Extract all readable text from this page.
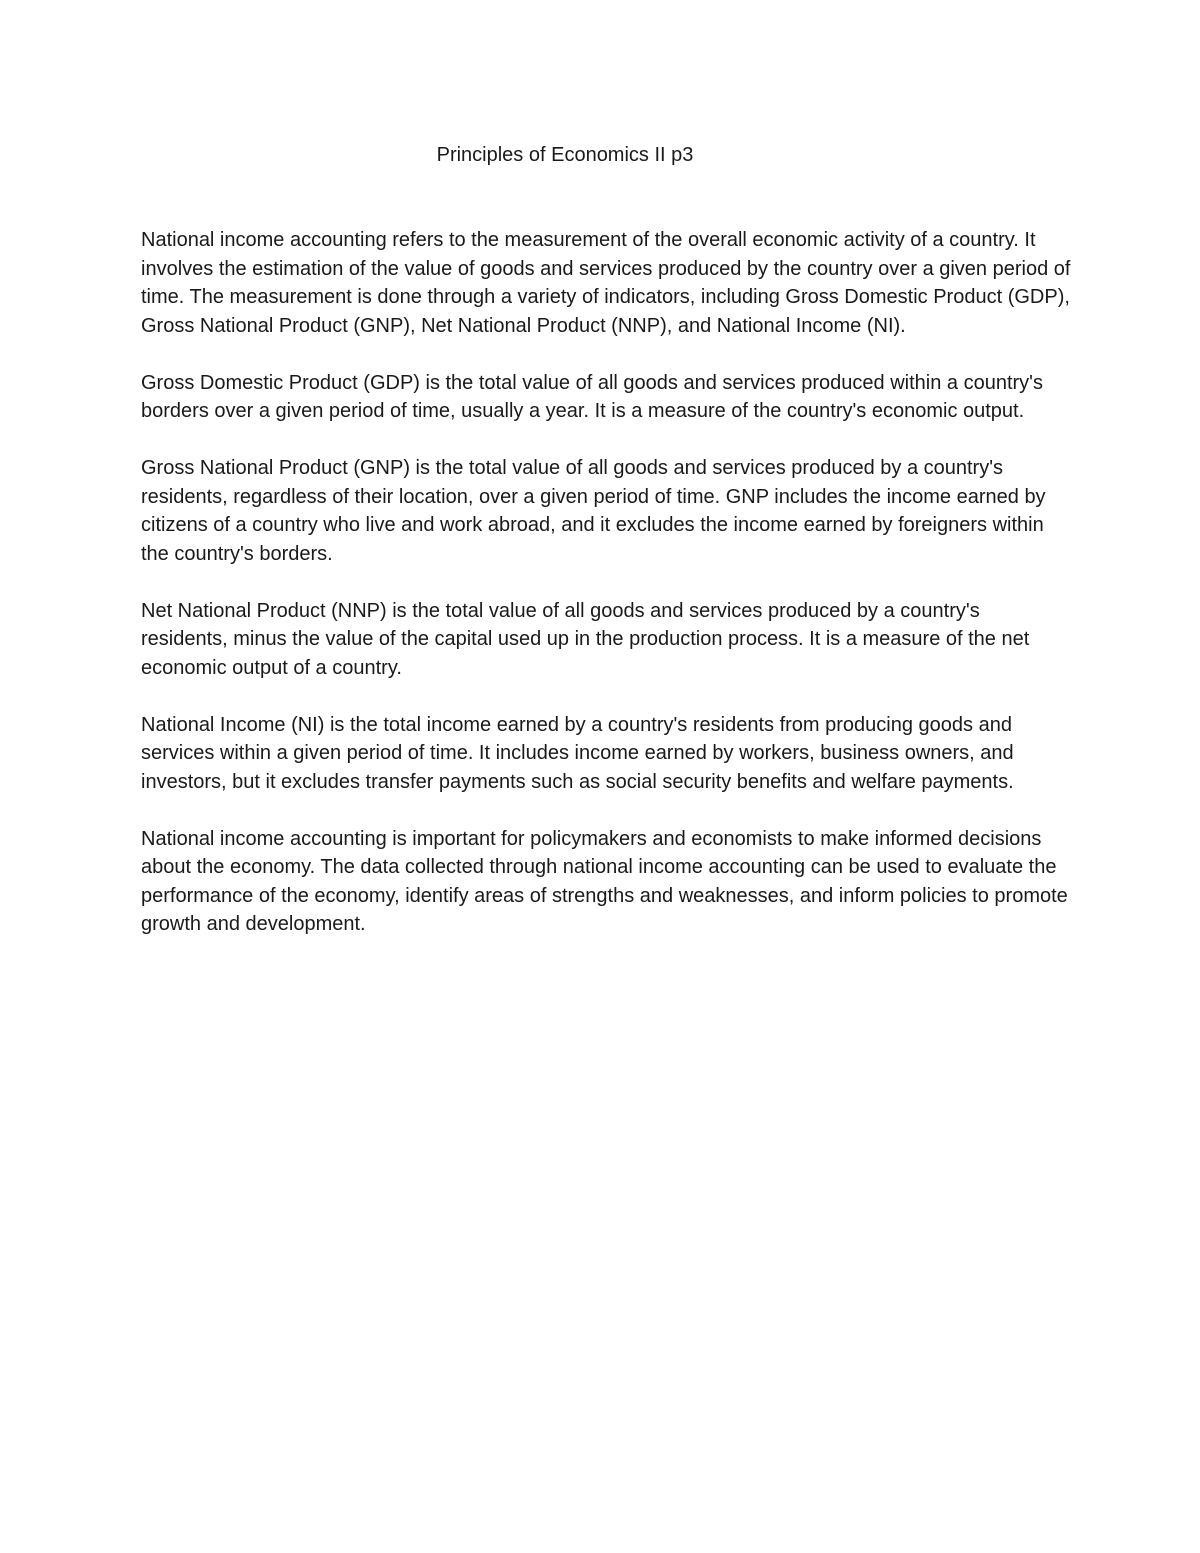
Principles of Economics II p3

National income accounting refers to the measurement of the overall economic activity of a country. It involves the estimation of the value of goods and services produced by the country over a given period of time. The measurement is done through a variety of indicators, including Gross Domestic Product (GDP), Gross National Product (GNP), Net National Product (NNP), and National Income (NI).

Gross Domestic Product (GDP) is the total value of all goods and services produced within a country's borders over a given period of time, usually a year. It is a measure of the country's economic output.

Gross National Product (GNP) is the total value of all goods and services produced by a country's residents, regardless of their location, over a given period of time. GNP includes the income earned by citizens of a country who live and work abroad, and it excludes the income earned by foreigners within the country's borders.

Net National Product (NNP) is the total value of all goods and services produced by a country's residents, minus the value of the capital used up in the production process. It is a measure of the net economic output of a country.

National Income (NI) is the total income earned by a country's residents from producing goods and services within a given period of time. It includes income earned by workers, business owners, and investors, but it excludes transfer payments such as social security benefits and welfare payments.

National income accounting is important for policymakers and economists to make informed decisions about the economy. The data collected through national income accounting can be used to evaluate the performance of the economy, identify areas of strengths and weaknesses, and inform policies to promote growth and development.
